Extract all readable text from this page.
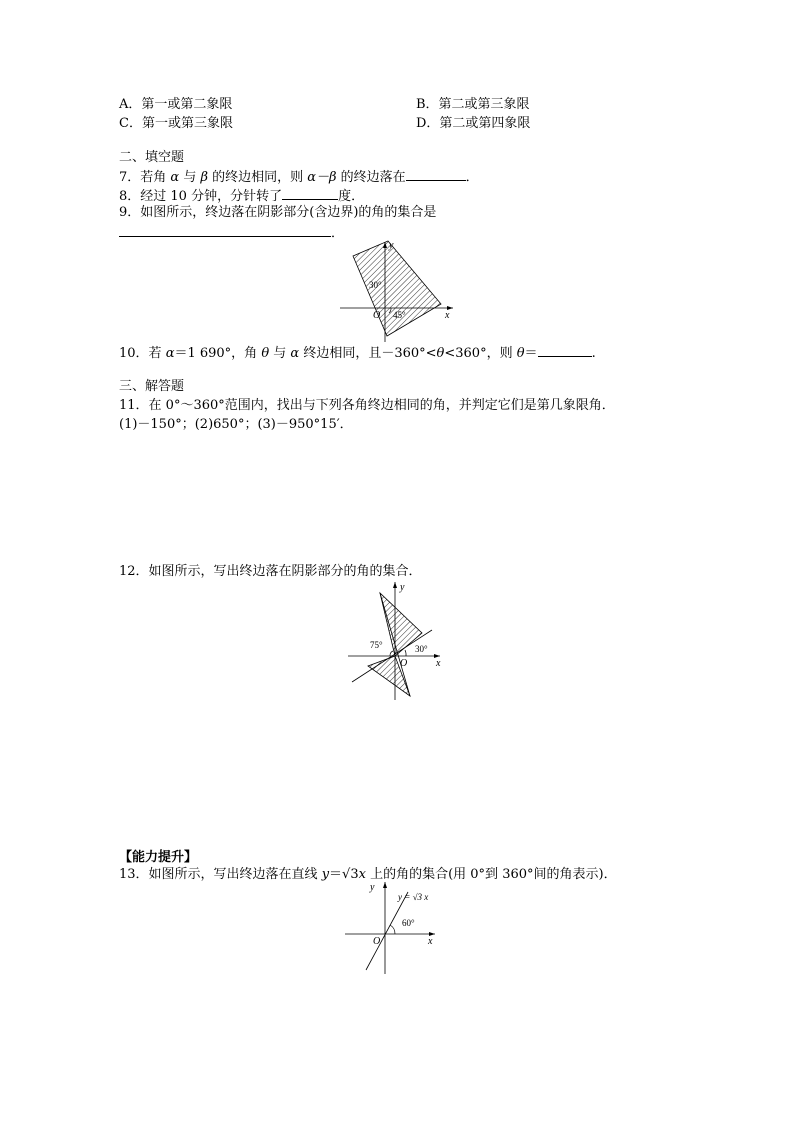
A．第一或第二象限	B．第二或第三象限
C．第一或第三象限	D．第二或第四象限
二、填空题
7．若角 α 与 β 的终边相同，则 α－β 的终边落在	．
8．经过 10 分钟，分针转了	度．
9．如图所示，终边落在阴影部分(含边界)的角的集合是
．
y
x
O
30°
45°
10．若 α＝1 690°，角 θ 与 α 终边相同，且－360°<θ<360°，则 θ＝	.
三、解答题
11．在 0°～360°范围内，找出与下列各角终边相同的角，并判定它们是第几象限角．
(1)－150°；(2)650°；(3)－950°15′．
12．如图所示，写出终边落在阴影部分的角的集合．
y
x
O
75°	30°
【能力提升】
13．如图所示，写出终边落在直线 y＝√3x 上的角的集合(用 0°到 360°间的角表示)．
y
x
O
60°
y = √3 x
